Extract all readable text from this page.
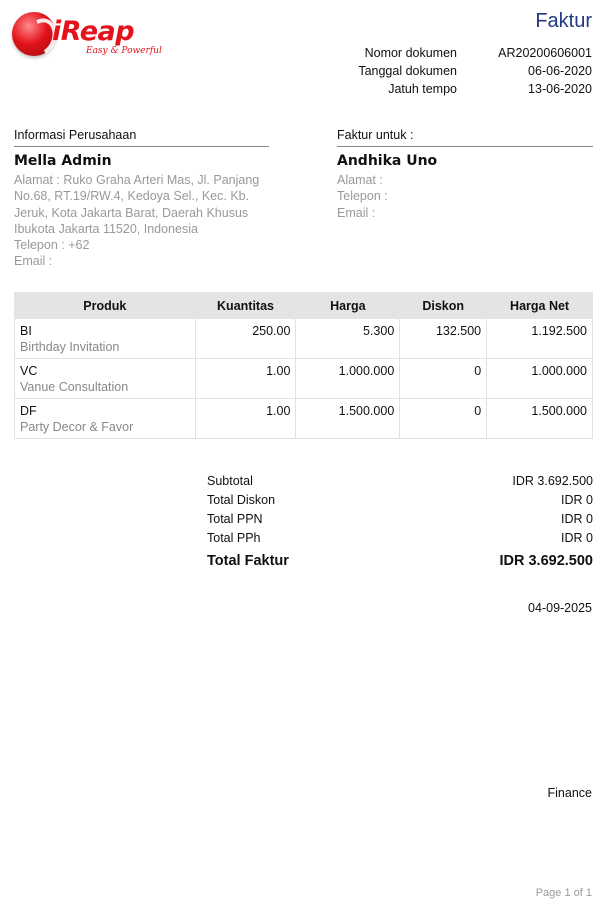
iReap
Easy & Powerful
Faktur
Nomor dokumen	AR20200606001
Tanggal dokumen	06-06-2020
Jatuh tempo	13-06-2020
Informasi Perusahaan
Mella Admin
Alamat : Ruko Graha Arteri Mas, Jl. Panjang
No.68, RT.19/RW.4, Kedoya Sel., Kec. Kb.
Jeruk, Kota Jakarta Barat, Daerah Khusus
Ibukota Jakarta 11520, Indonesia
Telepon : +62
Email :
Faktur untuk :
Andhika Uno
Alamat :
Telepon :
Email :
Produk	Kuantitas	Harga	Diskon	Harga Net

BI
Birthday Invitation	250.00	5.300	132.500	1.192.500

VC
Vanue Consultation	1.00	1.000.000	0	1.000.000

DF
Party Decor & Favor	1.00	1.500.000	0	1.500.000
Subtotal	IDR 3.692.500
Total Diskon	IDR 0
Total PPN	IDR 0
Total PPh	IDR 0
Total Faktur	IDR 3.692.500
04-09-2025
Finance
Page 1 of 1
